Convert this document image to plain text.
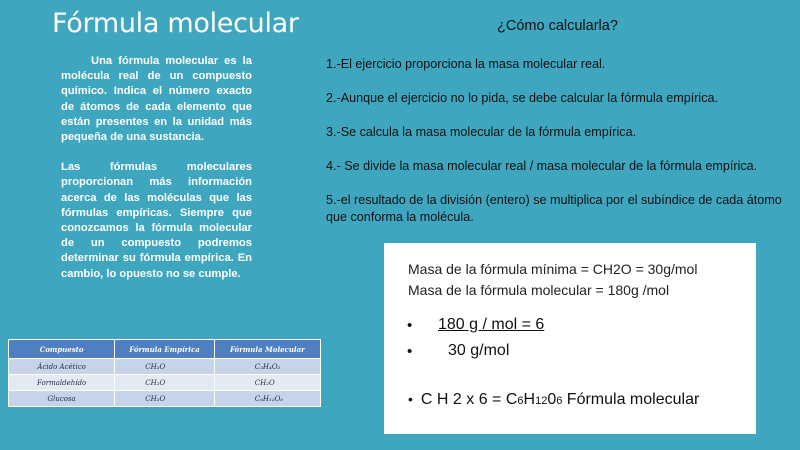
Fórmula molecular

Una fórmula molecular es la molécula real de un compuesto químico. Indica el número exacto de átomos de cada elemento que están presentes en la unidad más pequeña de una sustancia.

Las fórmulas moleculares proporcionan más información acerca de las moléculas que las fórmulas empíricas. Siempre que conozcamos la fórmula molecular de un compuesto podremos determinar su fórmula empírica. En cambio, lo opuesto no se cumple.

¿Cómo calcularla?
1.-El ejercicio proporciona la masa molecular real.
2.-Aunque el ejercicio no lo pida, se debe calcular la fórmula empírica.
3.-Se calcula la masa molecular de la fórmula empírica.
4.- Se divide la masa molecular real / masa molecular de la fórmula empírica.
5.-el resultado de la división (entero) se multiplica por el subíndice de cada átomo que conforma la molécula.
Compuesto	Fórmula Empírica	Fórmula Molecular
Ácido Acético	CH₂O	C₂H₄O₂
Formaldehído	CH₂O	CH₂O
Glucosa	CH₂O	C₆H₁₂O₆
Masa de la fórmula mínima = CH2O = 30g/mol
Masa de la fórmula molecular = 180g /mol
• 180 g / mol = 6
• 30 g/mol
• C H 2 x 6 = C6H1206 Fórmula molecular
